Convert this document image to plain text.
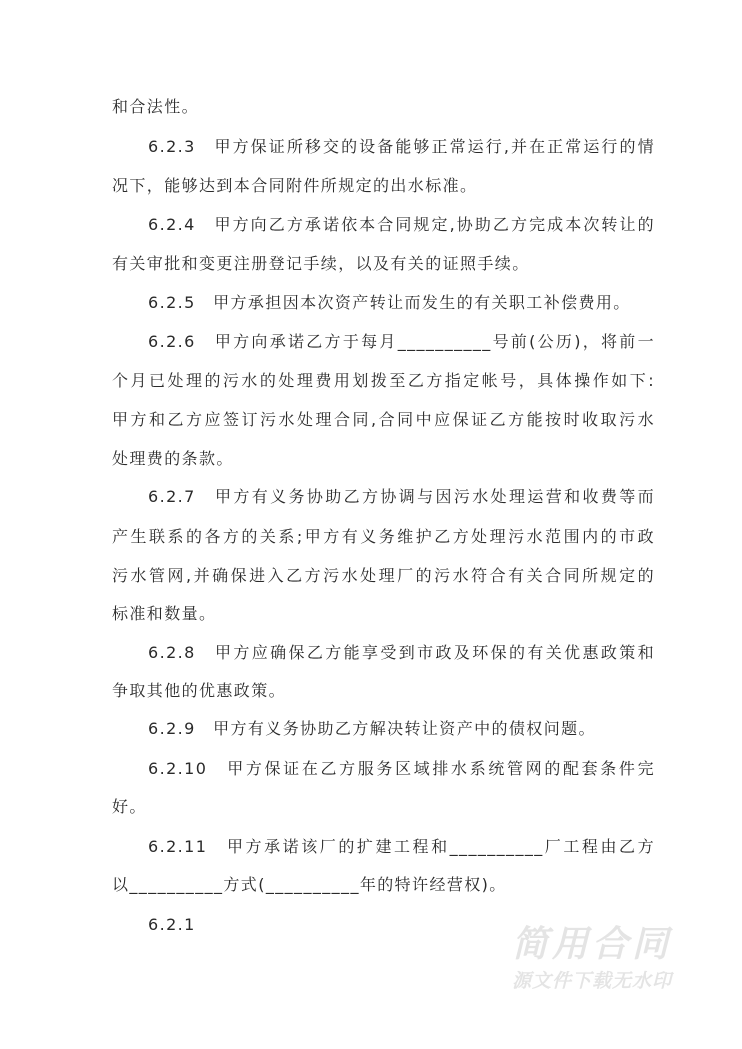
和合法性。
6.2.3　甲方保证所移交的设备能够正常运行,并在正常运行的情
况下，能够达到本合同附件所规定的出水标准。
6.2.4　甲方向乙方承诺依本合同规定,协助乙方完成本次转让的
有关审批和变更注册登记手续，以及有关的证照手续。
6.2.5　甲方承担因本次资产转让而发生的有关职工补偿费用。
6.2.6　甲方向承诺乙方于每月__________号前(公历)，将前一
个月已处理的污水的处理费用划拨至乙方指定帐号，具体操作如下:
甲方和乙方应签订污水处理合同,合同中应保证乙方能按时收取污水
处理费的条款。
6.2.7　甲方有义务协助乙方协调与因污水处理运营和收费等而
产生联系的各方的关系;甲方有义务维护乙方处理污水范围内的市政
污水管网,并确保进入乙方污水处理厂的污水符合有关合同所规定的
标准和数量。
6.2.8　甲方应确保乙方能享受到市政及环保的有关优惠政策和
争取其他的优惠政策。
6.2.9　甲方有义务协助乙方解决转让资产中的债权问题。
6.2.10　甲方保证在乙方服务区域排水系统管网的配套条件完
好。
6.2.11　甲方承诺该厂的扩建工程和__________厂工程由乙方
以__________方式(__________年的特许经营权)。
6.2.1	简用合同
源文件下载无水印
